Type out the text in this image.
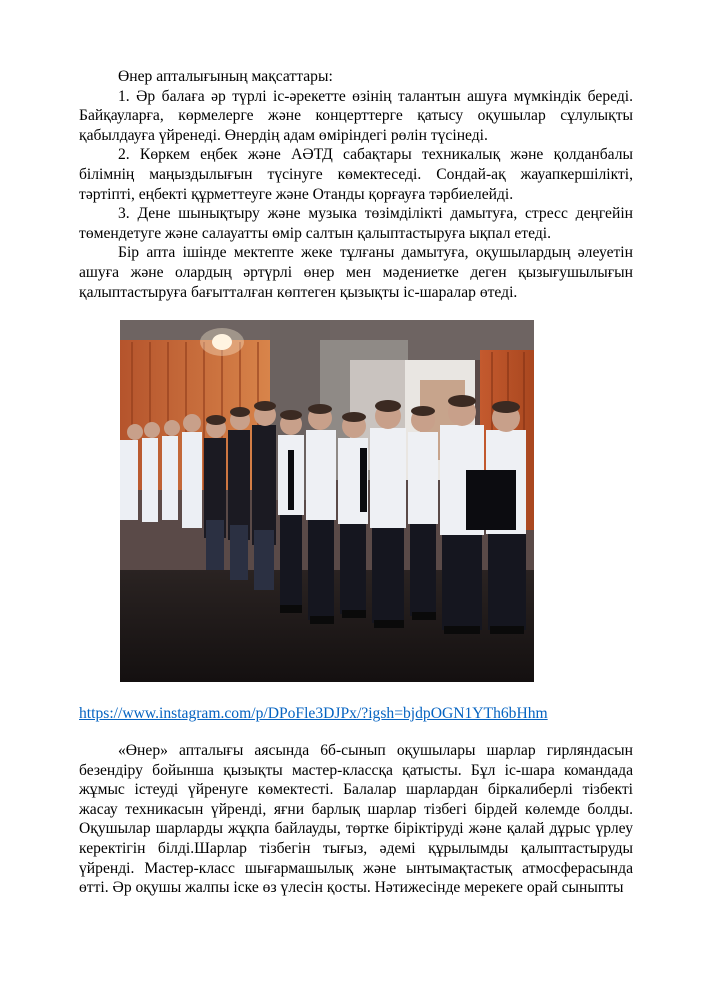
Өнер апталығының мақсаттары:

1. Әр балаға әр түрлі іс-әрекетте өзінің талантын ашуға мүмкіндік береді. Байқауларға, көрмелерге және концерттерге қатысу оқушылар сұлулықты қабылдауға үйренеді. Өнердің адам өміріндегі рөлін түсінеді.

2. Көркем еңбек және АӘТД сабақтары техникалық және қолданбалы білімнің маңыздылығын түсінуге көмектеседі. Сондай-ақ жауапкершілікті, тәртіпті, еңбекті құрметтеуге және Отанды қорғауға тәрбиелейді.

3. Дене шынықтыру және музыка төзімділікті дамытуға, стресс деңгейін төмендетуге және салауатты өмір салтын қалыптастыруға ықпал етеді.

Бір апта ішінде мектепте жеке тұлғаны дамытуға, оқушылардың әлеуетін ашуға және олардың әртүрлі өнер мен мәдениетке деген қызығушылығын қалыптастыруға бағытталған көптеген қызықты іс-шаралар өтеді.

https://www.instagram.com/p/DPoFle3DJPx/?igsh=bjdpOGN1YTh6bHhm

«Өнер» апталығы аясында 6б-сынып оқушылары шарлар гирляндасын безендіру бойынша қызықты мастер-классқа қатысты. Бұл іс-шара командада жұмыс істеуді үйренуге көмектесті. Балалар шарлардан біркалиберлі тізбекті жасау техникасын үйренді, яғни барлық шарлар тізбегі бірдей көлемде болды. Оқушылар шарларды жұқпа байлауды, төртке біріктіруді және қалай дұрыс үрлеу керектігін білді.Шарлар тізбегін тығыз, әдемі құрылымды қалыптастыруды үйренді. Мастер-класс шығармашылық және ынтымақтастық атмосферасында өтті. Әр оқушы жалпы іске өз үлесін қосты. Нәтижесінде мерекеге орай сыныпты
